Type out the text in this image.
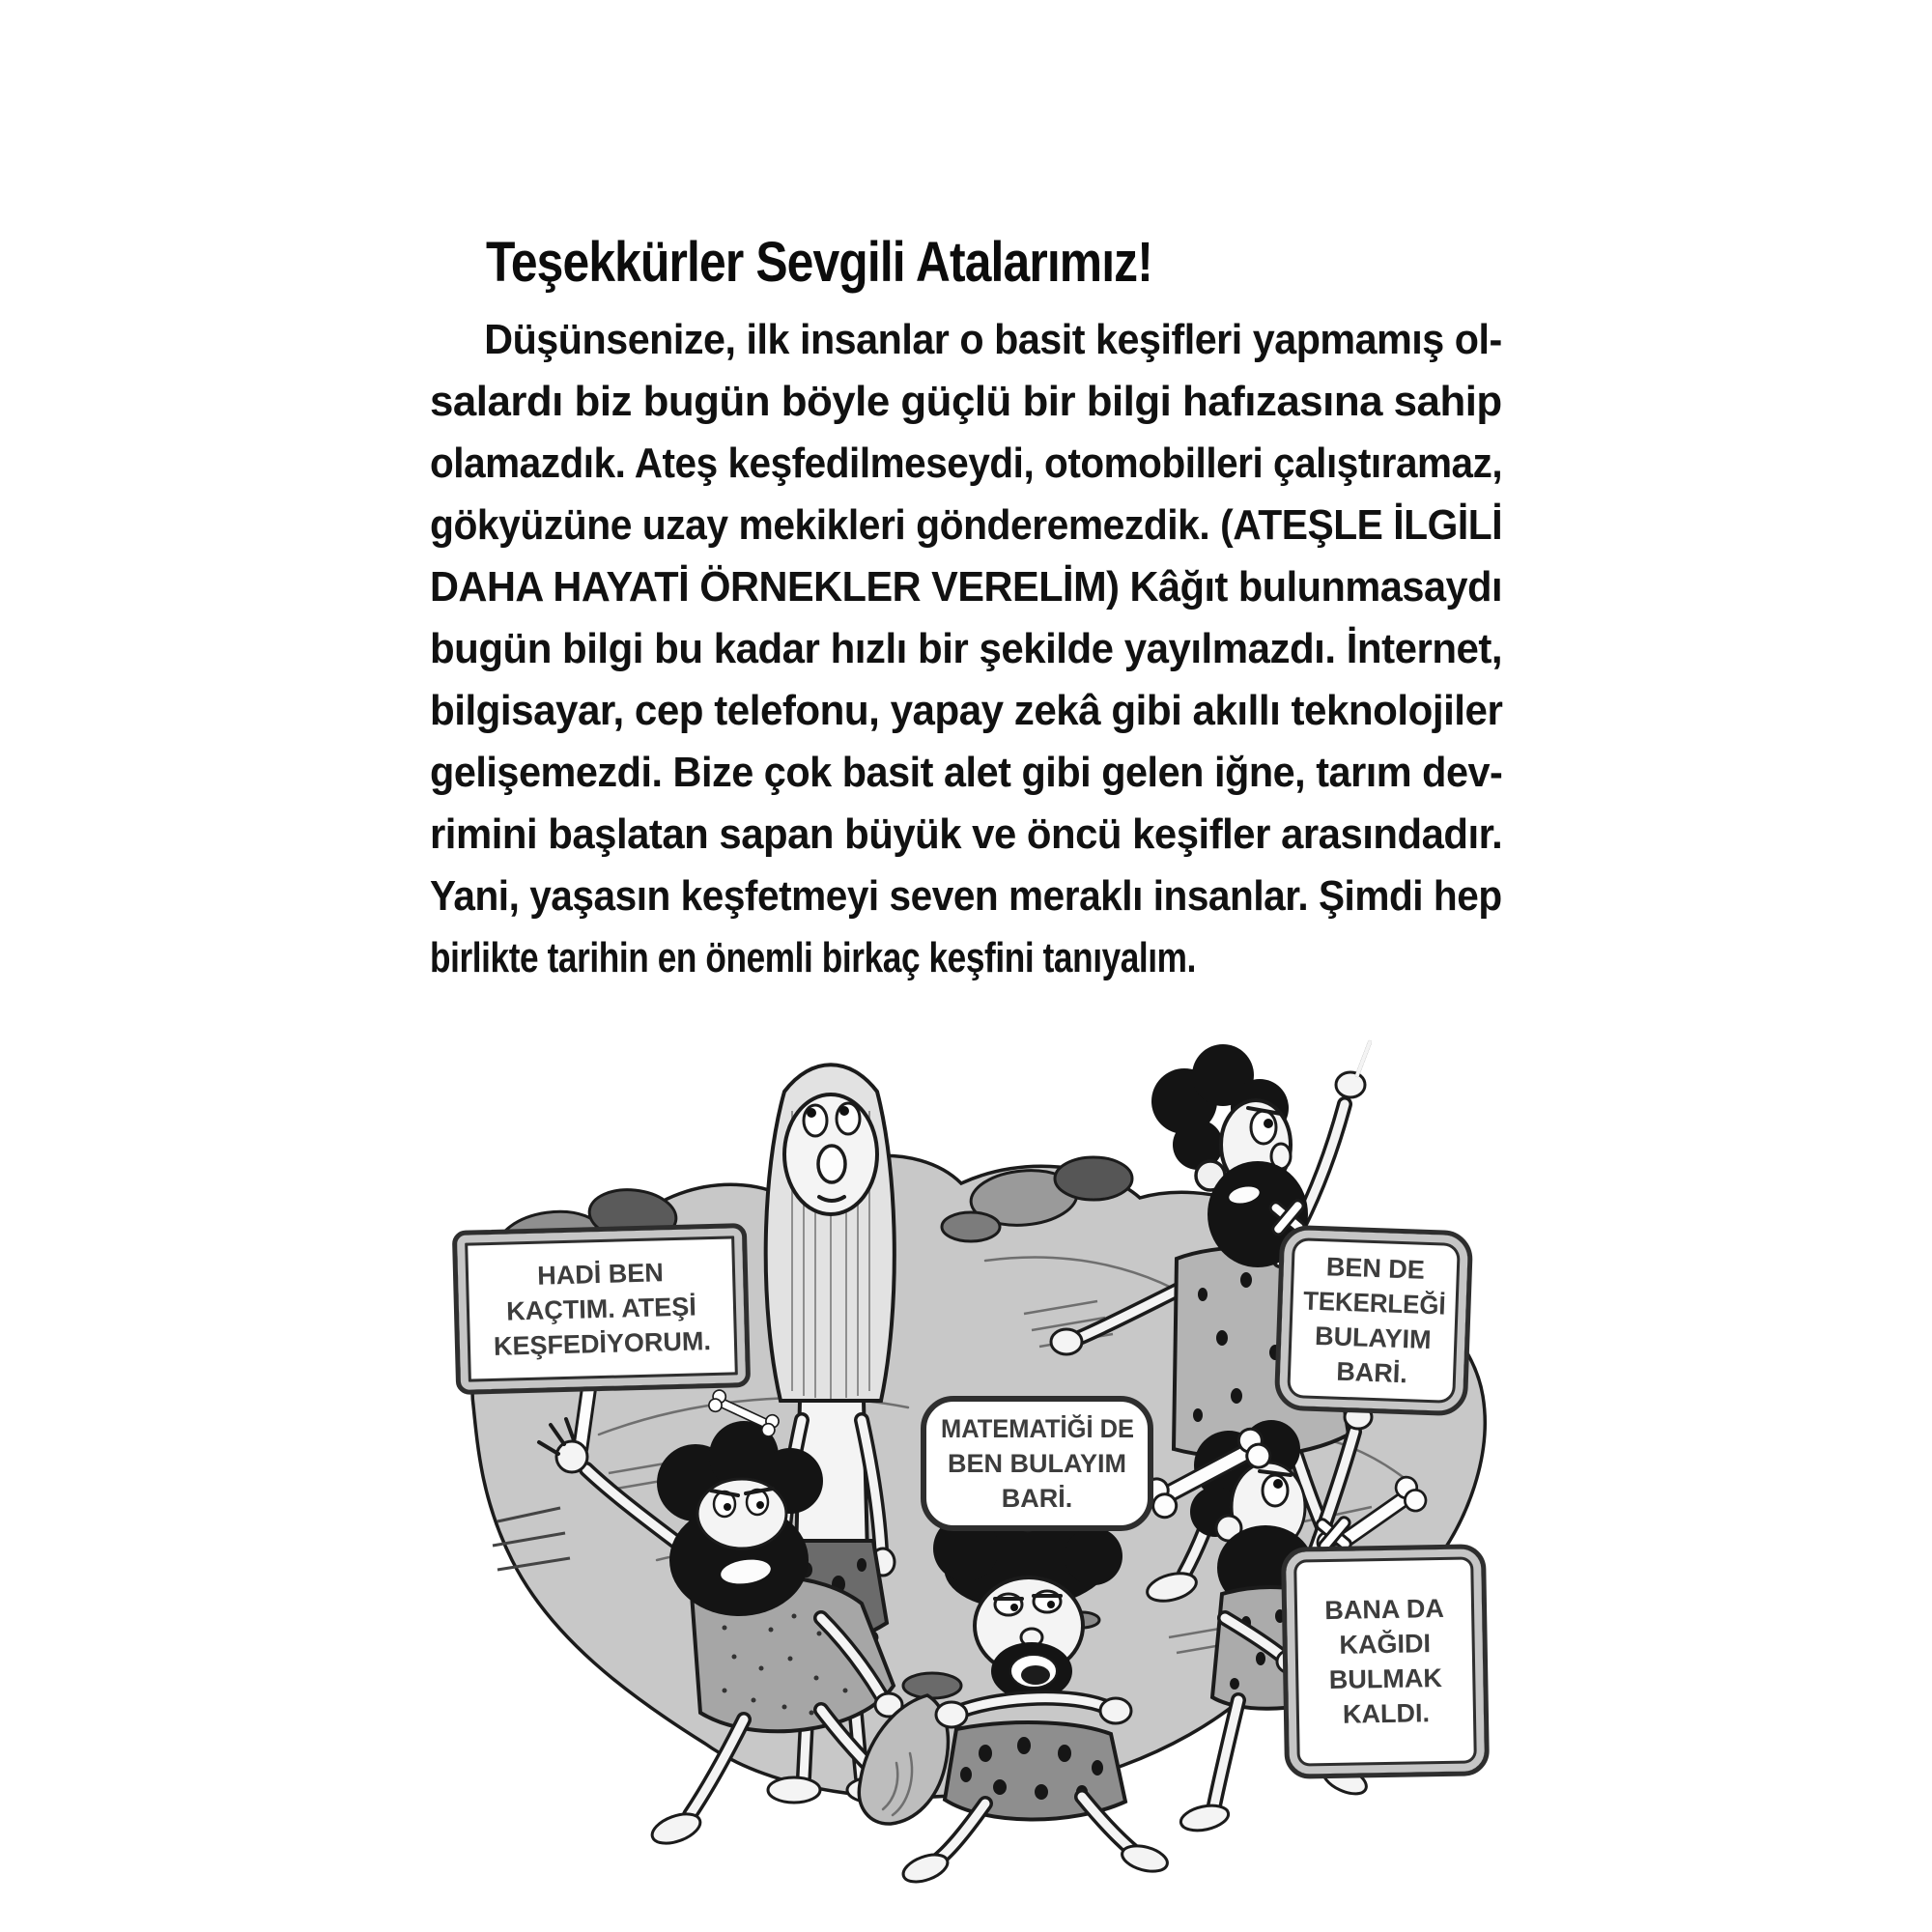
Teşekkürler Sevgili Atalarımız!
Düşünsenize, ilk insanlar o basit keşifleri yapmamış ol-
salardı biz bugün böyle güçlü bir bilgi hafızasına sahip
olamazdık. Ateş keşfedilmeseydi, otomobilleri çalıştıramaz,
gökyüzüne uzay mekikleri gönderemezdik. (ATEŞLE İLGİLİ
DAHA HAYATİ ÖRNEKLER VERELİM) Kâğıt bulunmasaydı
bugün bilgi bu kadar hızlı bir şekilde yayılmazdı. İnternet,
bilgisayar, cep telefonu, yapay zekâ gibi akıllı teknolojiler
gelişemezdi. Bize çok basit alet gibi gelen iğne, tarım dev-
rimini başlatan sapan büyük ve öncü keşifler arasındadır.
Yani, yaşasın keşfetmeyi seven meraklı insanlar. Şimdi hep
birlikte tarihin en önemli birkaç keşfini tanıyalım.
HADİ BEN
KAÇTIM. ATEŞİ
KEŞFEDİYORUM.
BEN DE
TEKERLEĞİ
BULAYIM
BARİ.
MATEMATİĞİ DE
BEN BULAYIM
BARİ.
BANA DA
KAĞIDI
BULMAK
KALDI.
